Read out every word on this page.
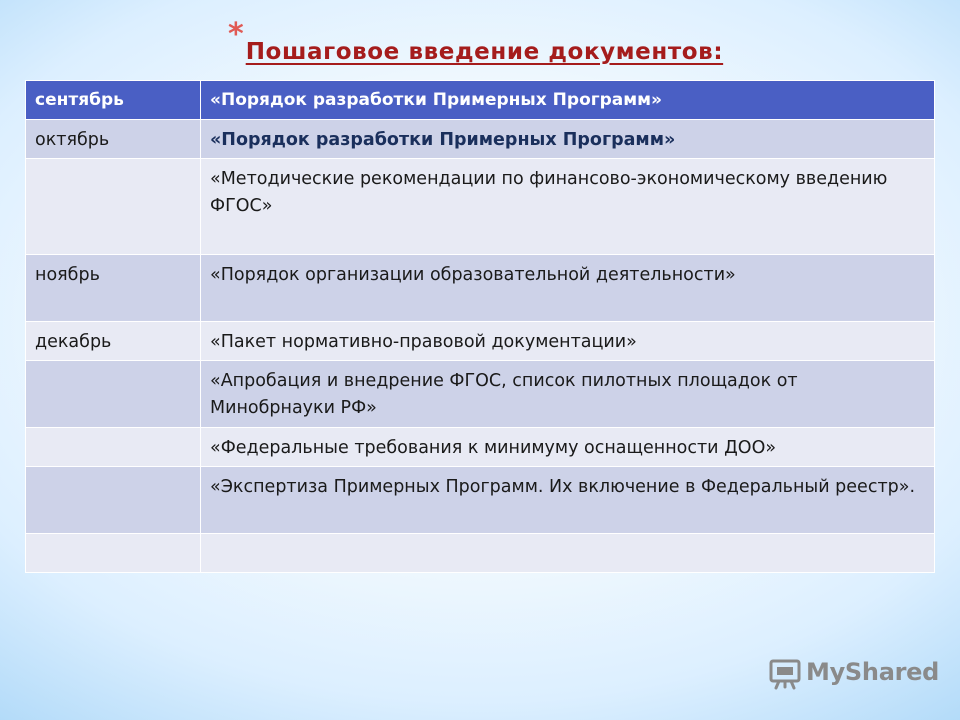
$*_{Пошаговое введение документов:}$
сентябрь	«Порядок разработки Примерных Программ»
октябрь	«Порядок разработки Примерных Программ»
	«Методические рекомендации по финансово-экономическому введению ФГОС»
ноябрь	«Порядок организации образовательной деятельности»
декабрь	«Пакет нормативно-правовой документации»
	«Апробация и внедрение ФГОС, список пилотных площадок от Минобрнауки РФ»
	«Федеральные требования к минимуму оснащенности ДОО»
	«Экспертиза Примерных Программ. Их включение в Федеральный реестр».

MyShared
